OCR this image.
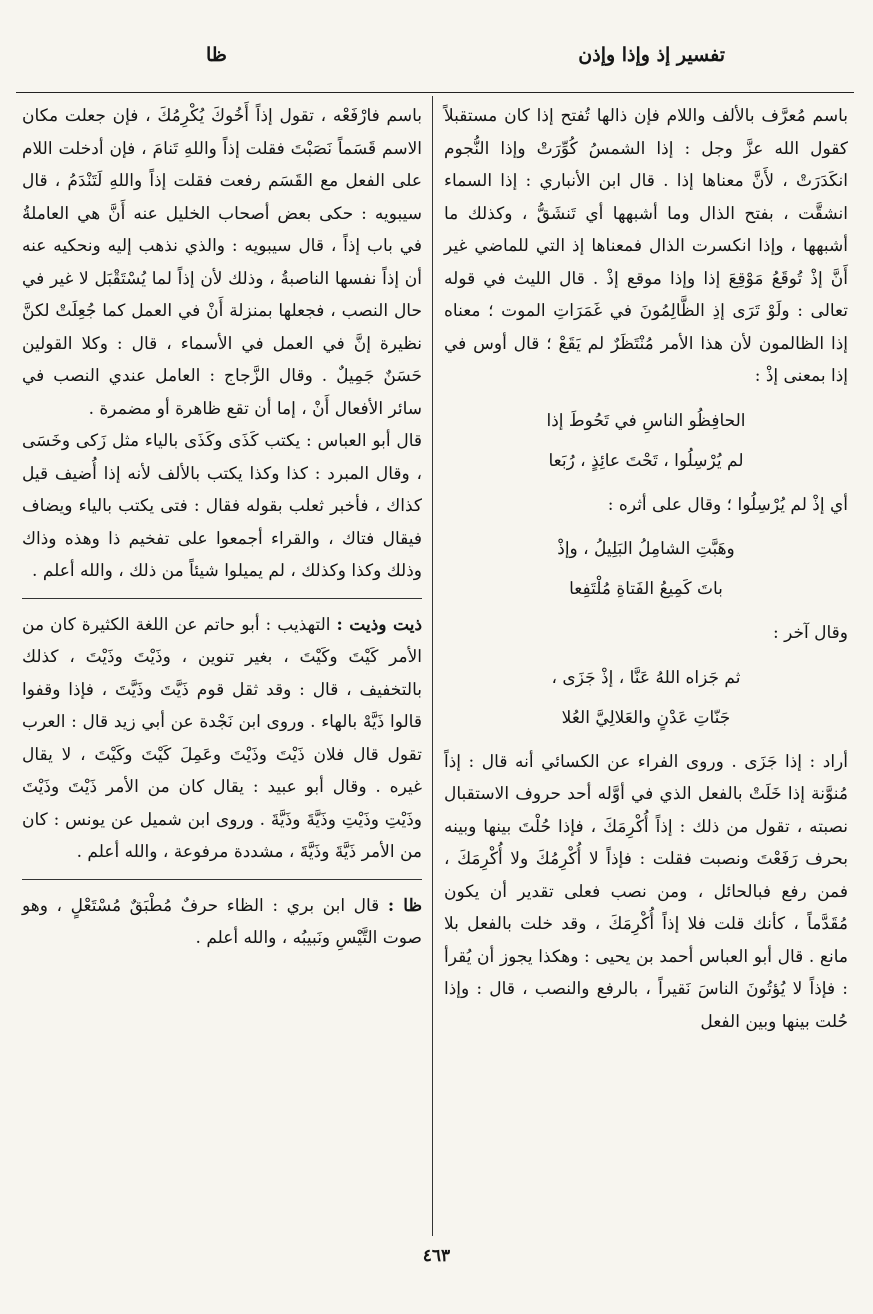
تفسير إذ وإذا وإذن
ظا

باسم مُعرَّف بالألف واللام فإن ذالها تُفتح إذا كان مستقبلاً كقول الله عزَّ وجل : إذا الشمسُ كُوِّرَتْ وإذا النُّجوم انكَدَرَتْ ، لأَنَّ معناها إذا . قال ابن الأنباري : إذا السماء انشقَّت ، بفتح الذال وما أشبهها أي تَنشَقُّ ، وكذلك ما أشبهها ، وإذا انكسرت الذال فمعناها إذ التي للماضي غير أَنَّ إذْ تُوقَعُ مَوْقِعَ إذا وإذا موقع إذْ . قال الليث في قوله تعالى : ولَوْ تَرَى إذِ الظَّالِمُونَ في غَمَرَاتِ الموت ؛ معناه إذا الظالمون لأن هذا الأمر مُنْتَظَرٌ لم يَقَعْ ؛ قال أوس في إذا بمعنى إذْ :

الحافِظُو الناسِ في تَحُوطَ إذا
لم يُرْسِلُوا ، تَحْتَ عائِذٍ ، رُبَعا

أي إذْ لم يُرْسِلُوا ؛ وقال على أثره :

وهَبَّتِ الشامِلُ البَلِيلُ ، وإذْ
باتَ كَمِيعُ الفَتاةِ مُلْتَفِعا

وقال آخر :

ثم جَزاه اللهُ عَنَّا ، إذْ جَزَى ،
جَنّاتِ عَدْنٍ والعَلالِيَّ العُلا

أراد : إذا جَزَى . وروى الفراء عن الكسائي أنه قال : إذاً مُنوَّنة إذا خَلَتْ بالفعل الذي في أوَّله أحد حروف الاستقبال نصبته ، تقول من ذلك : إذاً أُكْرِمَكَ ، فإذا حُلْتَ بينها وبينه بحرف رَفَعْتَ ونصبت فقلت : فإذاً لا أُكْرِمُكَ ولا أُكْرِمَكَ ، فمن رفع فبالحائل ، ومن نصب فعلى تقدير أن يكون مُقَدَّماً ، كأنك قلت فلا إذاً أُكْرِمَكَ ، وقد خلت بالفعل بلا مانع . قال أبو العباس أحمد بن يحيى : وهكذا يجوز أن يُقرأ : فإذاً لا يُؤتُونَ الناسَ نَقيراً ، بالرفع والنصب ، قال : وإذا حُلت بينها وبين الفعل

باسم فارْفَعْه ، تقول إذاً أَخُوكَ يُكْرِمُكَ ، فإن جعلت مكان الاسم قَسَماً نَصَبْتَ فقلت إذاً واللهِ تَنامَ ، فإن أدخلت اللام على الفعل مع القَسَم رفعت فقلت إذاً واللهِ لَتَنْدَمُ ، قال سيبويه : حكى بعض أصحاب الخليل عنه أَنَّ هي العاملةُ في باب إذاً ، قال سيبويه : والذي نذهب إليه ونحكيه عنه أن إذاً نفسها الناصبةُ ، وذلك لأن إذاً لما يُسْتَقْبَل لا غير في حال النصب ، فجعلها بمنزلة أَنْ في العمل كما جُعِلَتْ لكنَّ نظيرة إنَّ في العمل في الأسماء ، قال : وكلا القولين حَسَنٌ جَمِيلٌ . وقال الزَّجاج : العامل عندي النصب في سائر الأفعال أَنْ ، إما أن تقع ظاهرة أو مضمرة .

قال أبو العباس : يكتب كَذَى وكَذَى بالياء مثل زَكى وخَسَى ، وقال المبرد : كذا وكذا يكتب بالألف لأنه إذا أُضيف قيل كذاك ، فأخبر ثعلب بقوله فقال : فتى يكتب بالياء ويضاف فيقال فتاك ، والقراء أجمعوا على تفخيم ذا وهذه وذاك وذلك وكذا وكذلك ، لم يميلوا شيئاً من ذلك ، والله أعلم .

ذيت وذيت : التهذيب : أبو حاتم عن اللغة الكثيرة كان من الأمر كَيْتَ وكَيْتَ ، بغير تنوين ، وذَيْتَ وذَيْتَ ، كذلك بالتخفيف ، قال : وقد ثقل قوم ذَيَّتَ وذَيَّتَ ، فإذا وقفوا قالوا ذَيَّهْ بالهاء . وروى ابن نَجْدة عن أبي زيد قال : العرب تقول قال فلان ذَيْتَ وذَيْتَ وعَمِلَ كَيْتَ وكَيْتَ ، لا يقال غيره . وقال أبو عبيد : يقال كان من الأمر ذَيْتَ وذَيْتَ وذَيْتِ وذَيْتِ وذَيَّةَ وذَيَّةَ . وروى ابن شميل عن يونس : كان من الأمر ذَيَّةَ وذَيَّةَ ، مشددة مرفوعة ، والله أعلم .

ظا : قال ابن بري : الظاء حرفٌ مُطْبَقٌ مُسْتَعْلٍ ، وهو صوت التَّيْسِ ونَبيبُه ، والله أعلم .

٤٦٣
